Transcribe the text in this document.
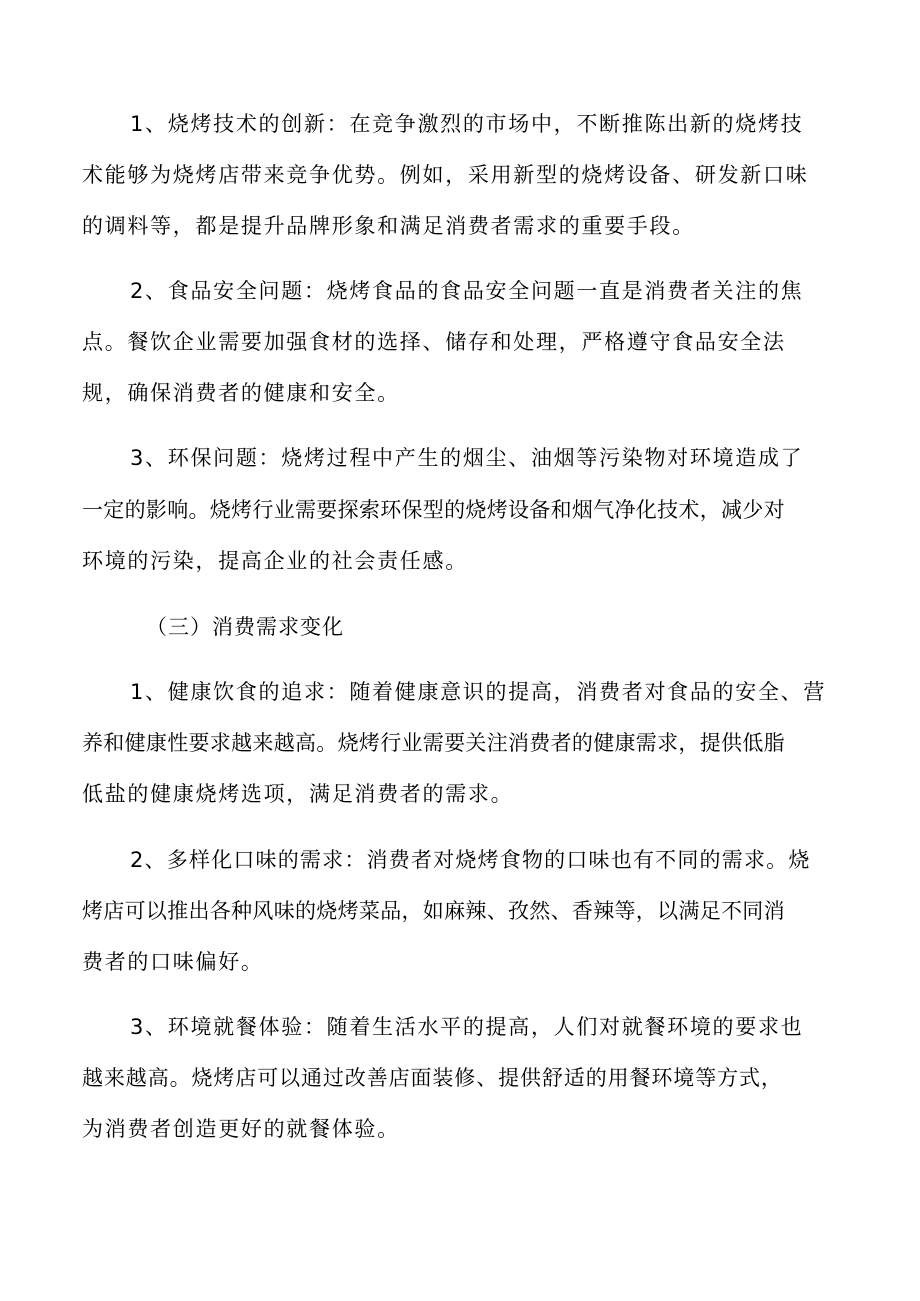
1、烧烤技术的创新：在竞争激烈的市场中，不断推陈出新的烧烤技
术能够为烧烤店带来竞争优势。例如，采用新型的烧烤设备、研发新口味
的调料等，都是提升品牌形象和满足消费者需求的重要手段。
2、食品安全问题：烧烤食品的食品安全问题一直是消费者关注的焦
点。餐饮企业需要加强食材的选择、储存和处理，严格遵守食品安全法
规，确保消费者的健康和安全。
3、环保问题：烧烤过程中产生的烟尘、油烟等污染物对环境造成了
一定的影响。烧烤行业需要探索环保型的烧烤设备和烟气净化技术，减少对
环境的污染，提高企业的社会责任感。
（三）消费需求变化
1、健康饮食的追求：随着健康意识的提高，消费者对食品的安全、营
养和健康性要求越来越高。烧烤行业需要关注消费者的健康需求，提供低脂
低盐的健康烧烤选项，满足消费者的需求。
2、多样化口味的需求：消费者对烧烤食物的口味也有不同的需求。烧
烤店可以推出各种风味的烧烤菜品，如麻辣、孜然、香辣等，以满足不同消
费者的口味偏好。
3、环境就餐体验：随着生活水平的提高，人们对就餐环境的要求也
越来越高。烧烤店可以通过改善店面装修、提供舒适的用餐环境等方式，
为消费者创造更好的就餐体验。
